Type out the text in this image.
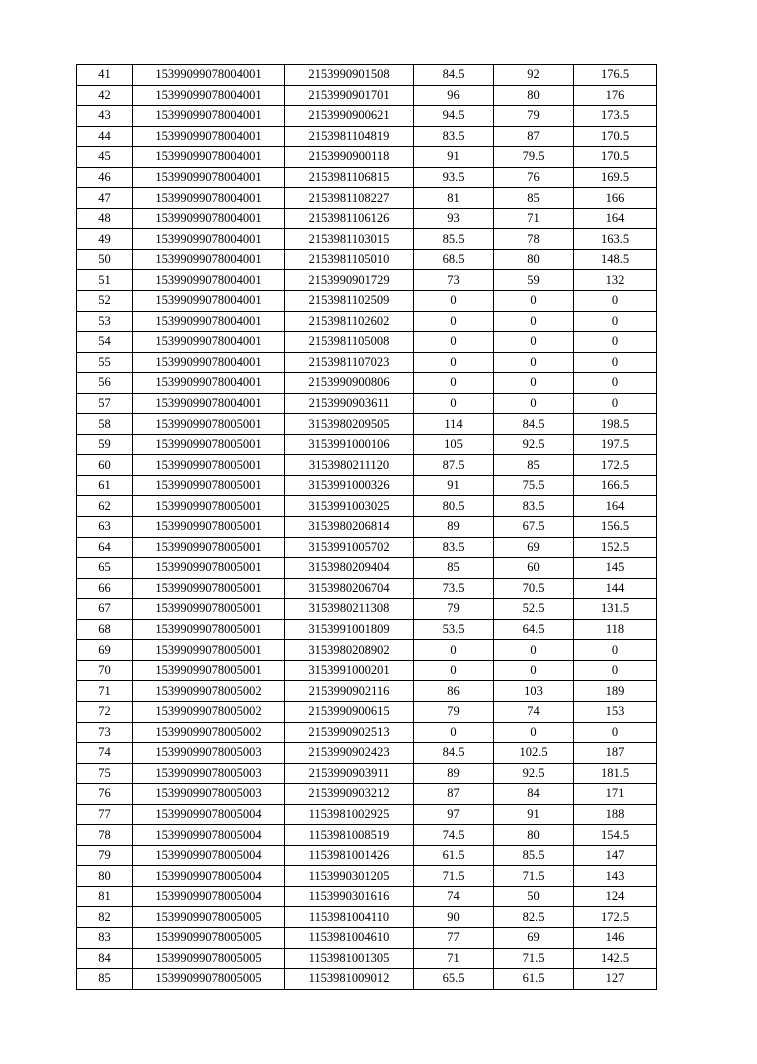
41	15399099078004001	2153990901508	84.5	92	176.5
42	15399099078004001	2153990901701	96	80	176
43	15399099078004001	2153990900621	94.5	79	173.5
44	15399099078004001	2153981104819	83.5	87	170.5
45	15399099078004001	2153990900118	91	79.5	170.5
46	15399099078004001	2153981106815	93.5	76	169.5
47	15399099078004001	2153981108227	81	85	166
48	15399099078004001	2153981106126	93	71	164
49	15399099078004001	2153981103015	85.5	78	163.5
50	15399099078004001	2153981105010	68.5	80	148.5
51	15399099078004001	2153990901729	73	59	132
52	15399099078004001	2153981102509	0	0	0
53	15399099078004001	2153981102602	0	0	0
54	15399099078004001	2153981105008	0	0	0
55	15399099078004001	2153981107023	0	0	0
56	15399099078004001	2153990900806	0	0	0
57	15399099078004001	2153990903611	0	0	0
58	15399099078005001	3153980209505	114	84.5	198.5
59	15399099078005001	3153991000106	105	92.5	197.5
60	15399099078005001	3153980211120	87.5	85	172.5
61	15399099078005001	3153991000326	91	75.5	166.5
62	15399099078005001	3153991003025	80.5	83.5	164
63	15399099078005001	3153980206814	89	67.5	156.5
64	15399099078005001	3153991005702	83.5	69	152.5
65	15399099078005001	3153980209404	85	60	145
66	15399099078005001	3153980206704	73.5	70.5	144
67	15399099078005001	3153980211308	79	52.5	131.5
68	15399099078005001	3153991001809	53.5	64.5	118
69	15399099078005001	3153980208902	0	0	0
70	15399099078005001	3153991000201	0	0	0
71	15399099078005002	2153990902116	86	103	189
72	15399099078005002	2153990900615	79	74	153
73	15399099078005002	2153990902513	0	0	0
74	15399099078005003	2153990902423	84.5	102.5	187
75	15399099078005003	2153990903911	89	92.5	181.5
76	15399099078005003	2153990903212	87	84	171
77	15399099078005004	1153981002925	97	91	188
78	15399099078005004	1153981008519	74.5	80	154.5
79	15399099078005004	1153981001426	61.5	85.5	147
80	15399099078005004	1153990301205	71.5	71.5	143
81	15399099078005004	1153990301616	74	50	124
82	15399099078005005	1153981004110	90	82.5	172.5
83	15399099078005005	1153981004610	77	69	146
84	15399099078005005	1153981001305	71	71.5	142.5
85	15399099078005005	1153981009012	65.5	61.5	127
